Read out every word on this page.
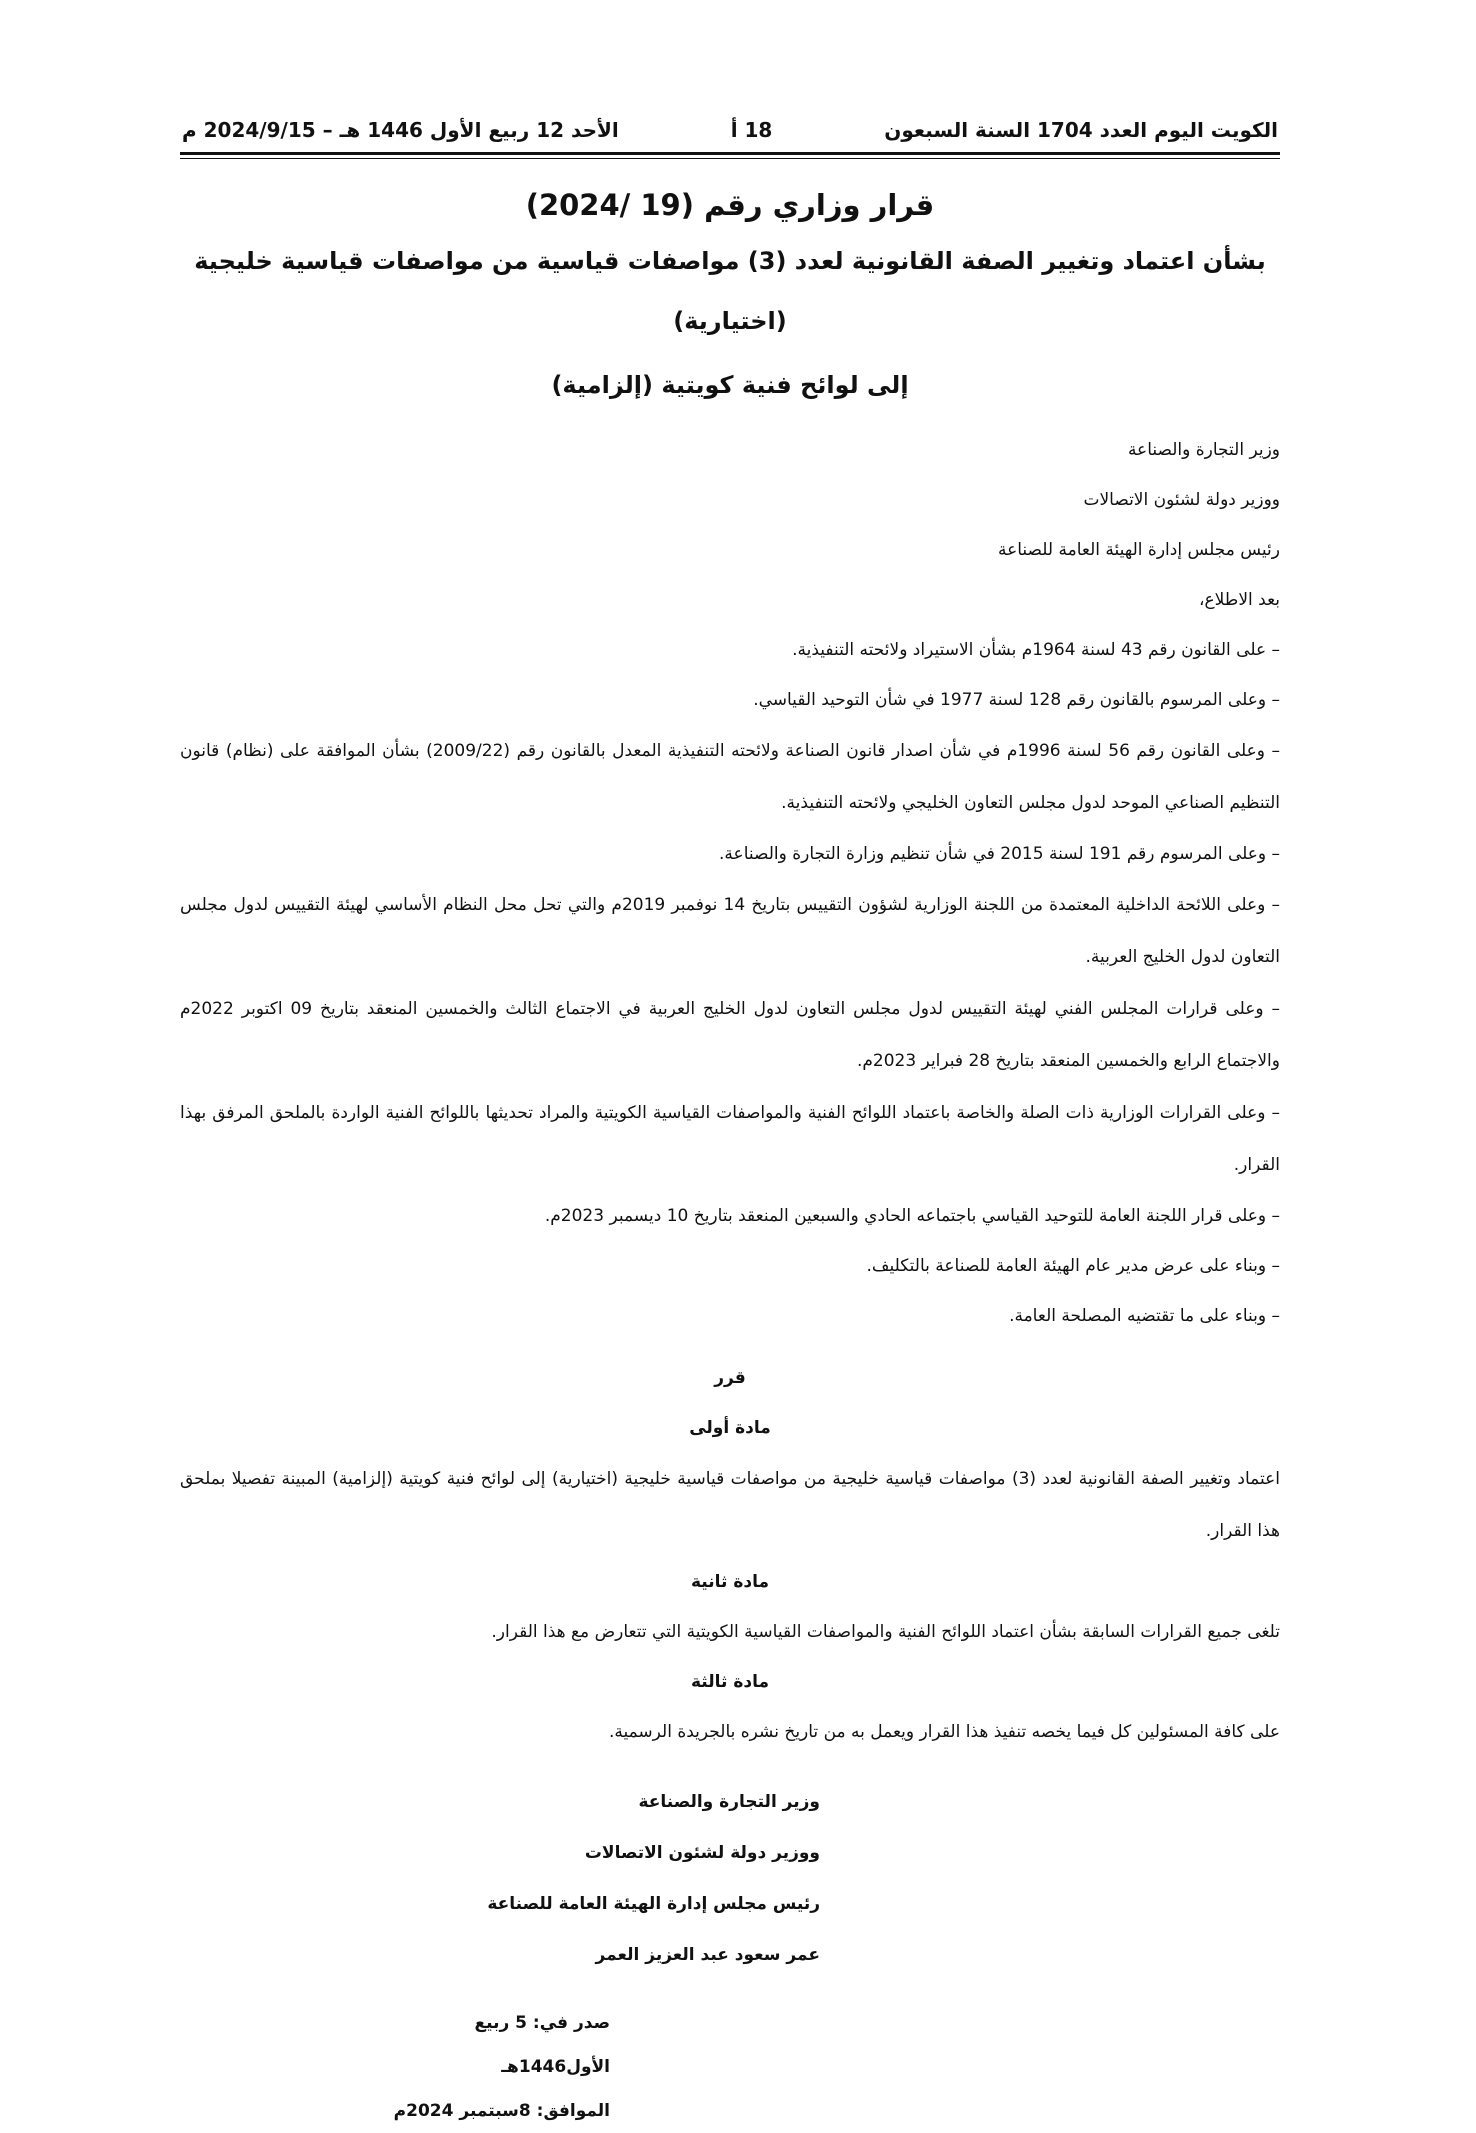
الكويت اليوم العدد 1704 السنة السبعون
18 أ
الأحد 12 ربيع الأول 1446 هـ – 2024/9/15 م
قرار وزاري رقم (19 /2024)
بشأن اعتماد وتغيير الصفة القانونية لعدد (3) مواصفات قياسية من مواصفات قياسية خليجية (اختيارية)
إلى لوائح فنية كويتية (إلزامية)

وزير التجارة والصناعة

ووزير دولة لشئون الاتصالات

رئيس مجلس إدارة الهيئة العامة للصناعة

بعد الاطلاع،

– على القانون رقم 43 لسنة 1964م بشأن الاستيراد ولائحته التنفيذية.

– وعلى المرسوم بالقانون رقم 128 لسنة 1977 في شأن التوحيد القياسي.

– وعلى القانون رقم 56 لسنة 1996م في شأن اصدار قانون الصناعة ولائحته التنفيذية المعدل بالقانون رقم (2009/22) بشأن الموافقة على (نظام) قانون التنظيم الصناعي الموحد لدول مجلس التعاون الخليجي ولائحته التنفيذية.

– وعلى المرسوم رقم 191 لسنة 2015 في شأن تنظيم وزارة التجارة والصناعة.

– وعلى اللائحة الداخلية المعتمدة من اللجنة الوزارية لشؤون التقييس بتاريخ 14 نوفمبر 2019م والتي تحل محل النظام الأساسي لهيئة التقييس لدول مجلس التعاون لدول الخليج العربية.

– وعلى قرارات المجلس الفني لهيئة التقييس لدول مجلس التعاون لدول الخليج العربية في الاجتماع الثالث والخمسين المنعقد بتاريخ 09 اكتوبر 2022م والاجتماع الرابع والخمسين المنعقد بتاريخ 28 فبراير 2023م.

– وعلى القرارات الوزارية ذات الصلة والخاصة باعتماد اللوائح الفنية والمواصفات القياسية الكويتية والمراد تحديثها باللوائح الفنية الواردة بالملحق المرفق بهذا القرار.

– وعلى قرار اللجنة العامة للتوحيد القياسي باجتماعه الحادي والسبعين المنعقد بتاريخ 10 ديسمبر 2023م.

– وبناء على عرض مدير عام الهيئة العامة للصناعة بالتكليف.

– وبناء على ما تقتضيه المصلحة العامة.

قرر

مادة أولى

اعتماد وتغيير الصفة القانونية لعدد (3) مواصفات قياسية خليجية من مواصفات قياسية خليجية (اختيارية) إلى لوائح فنية كويتية (إلزامية) المبينة تفصيلا بملحق هذا القرار.

مادة ثانية

تلغى جميع القرارات السابقة بشأن اعتماد اللوائح الفنية والمواصفات القياسية الكويتية التي تتعارض مع هذا القرار.

مادة ثالثة

على كافة المسئولين كل فيما يخصه تنفيذ هذا القرار ويعمل به من تاريخ نشره بالجريدة الرسمية.

وزير التجارة والصناعة

ووزير دولة لشئون الاتصالات

رئيس مجلس إدارة الهيئة العامة للصناعة

عمر سعود عبد العزيز العمر

صدر في: 5 ربيع الأول1446هـ

الموافق: 8سبتمبر 2024م
